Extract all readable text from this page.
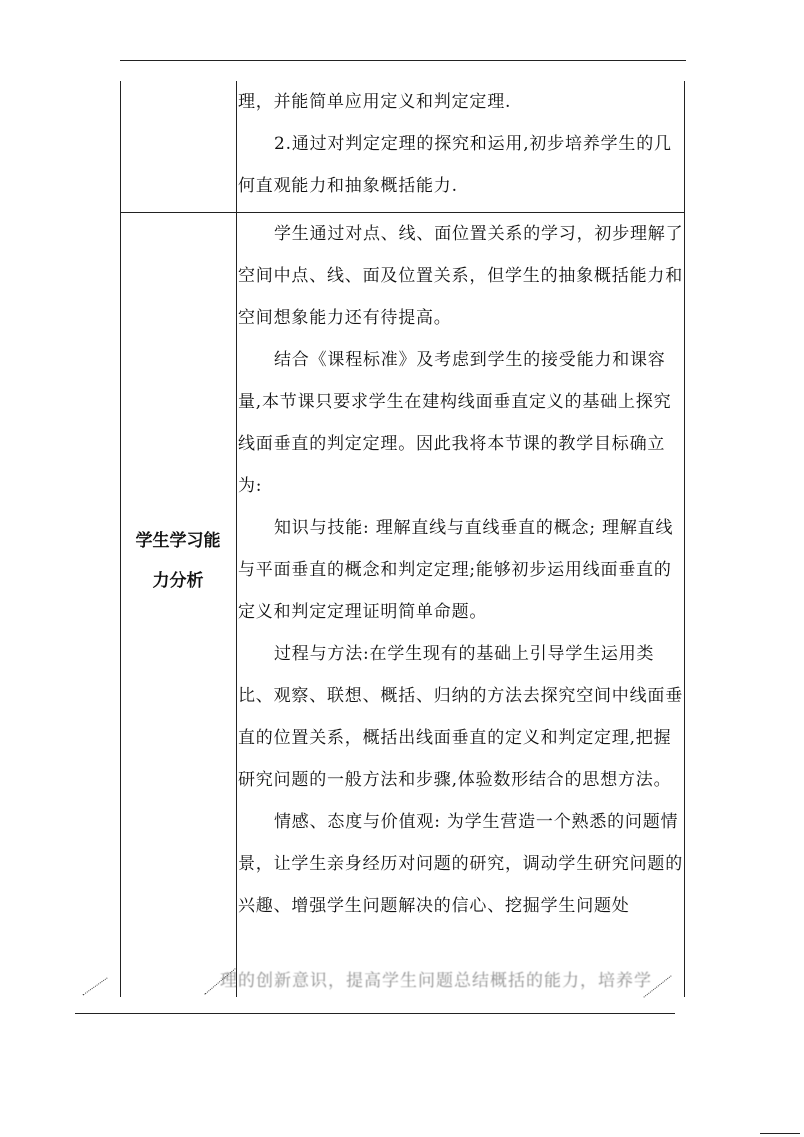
理，并能简单应用定义和判定定理.

2.通过对判定定理的探究和运用,初步培养学生的几何直观能力和抽象概括能力.

学生学习能
力分析

学生通过对点、线、面位置关系的学习，初步理解了空间中点、线、面及位置关系，但学生的抽象概括能力和空间想象能力还有待提高。

结合《课程标准》及考虑到学生的接受能力和课容量,本节课只要求学生在建构线面垂直定义的基础上探究线面垂直的判定定理。因此我将本节课的教学目标确立为:

知识与技能: 理解直线与直线垂直的概念; 理解直线与平面垂直的概念和判定定理;能够初步运用线面垂直的定义和判定定理证明简单命题。

过程与方法:在学生现有的基础上引导学生运用类比、观察、联想、概括、归纳的方法去探究空间中线面垂直的位置关系，概括出线面垂直的定义和判定定理,把握研究问题的一般方法和步骤,体验数形结合的思想方法。

情感、态度与价值观: 为学生营造一个熟悉的问题情景，让学生亲身经历对问题的研究，调动学生研究问题的兴趣、增强学生问题解决的信心、挖掘学生问题处

理的创新意识，提高学生问题总结概括的能力，培养学
